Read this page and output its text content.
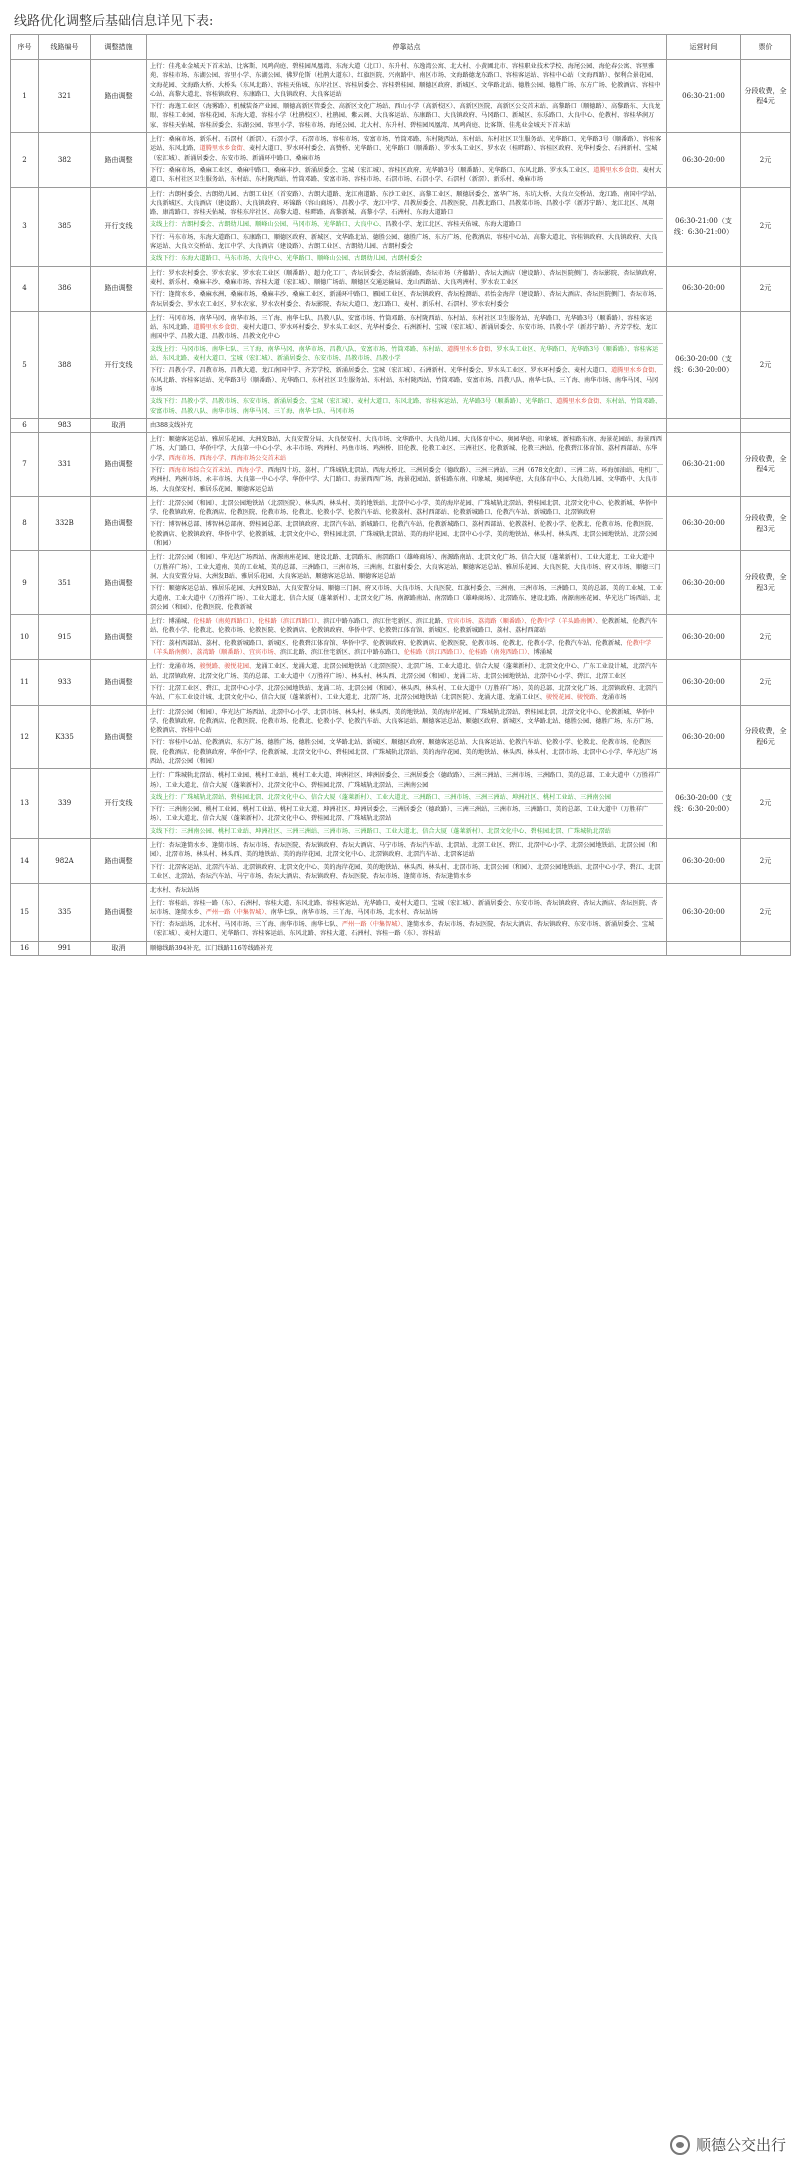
线路优化调整后基础信息详见下表:
序号	线路编号	调整措施	停靠站点	运营时间	票价
1	321	路由调整	上行：佳兆业金城天下首末站、比客斯、凤鸣尚庭、碧桂园凤凰湾、东海大道（北口）、东升村、东逸湾公寓、北大村、小黄圃北市、容桂职业技术学校、海尾公园、海伦春公寓、容里雅苑、容桂市场、东湖公园、容里小学、东湖公园、佛罗伦斯（杜鹃大道东）、红旗医院、兴南路中、南区市场、文海路德龙东路口、容桂客运站、容桂中心站（文海西路）、保利合景花园、文海花园、文海路大桥、大桥头（东风北路）、容桂天佑城、东岸社区、容桂居委会、容桂碧桂园、顺德区政府、新城区、文华路北站、德胜公园、德胜广场、东方广场、伦教酒店、容桂中心站、高黎大道北、容桂镇政府、东康路口、大良镇政府、大良客运站
下行：海逸工业区（海雾路）、机械装备产业园、顺德高新区管委会、高新区文化广场站、西山小学（高新校区）、高新区医院、高新区公交首末站、高黎路口（顺德路）、高黎路东、大良龙眼、容桂工业园、容桂花园、东海大道、容桂小学（杜鹃校区）、杜鹃园、紫云阁、大良客运站、东康路口、大良镇政府、马冈路口、新城区、东乐路口、大良中心、伦教村、容桂华润万家、容桂天佑城、容桂居委会、东湖公园、容里小学、容桂市场、海尾公园、北大村、东升村、碧桂园凤凰湾、凤鸣尚庭、比客斯、佳兆业金城天下首末站	06:30-21:00	分段收费，全程4元
2	382	路由调整	上行：桑麻市场、新乐村、石滘村（新滘）、石滘小学、石滘市场、容桂市场、安富市场、竹筒邓路、东村陇西站、东村站、东村社区卫生服务站、光华路口、光华路3号（顺番路）、容桂客运站、东风北路、道腾里水乡食街、麦村大道口、罗水环村委会、高赞桥、光华路口、光华路口（顺番路）、罗水头工业区、罗水农（桂畔路）、容桂区政府、光华村委会、石洲新村、宝城（宏汇城）、新涌居委会、东安市场、新涌环中路口、桑麻市场
下行：桑麻市场、桑麻工业区、桑麻中路口、桑麻丰沙、新涌居委会、宝城（宏汇城）、容桂区政府、光华路3号（顺番路）、光华路口、东风北路、罗水头工业区、道腾里水乡食街、麦村大道口、东村社区卫生服务站、东村站、东村陇西站、竹筒邓路、安富市场、容桂市场、石滘市场、石滘小学、石滘村（新滘）、新乐村、桑麻市场	06:30-20:00	2元
3	385	开行支线	上行：古朗村委会、古朗幼儿园、古朗工业区（首安路）、古朗大道路、龙江南道路、东沙工业区、高黎工业区、顺德居委会、富华广场、东坑大桥、大良立交桥站、龙江路、南国中学站、大良新城区、大良酒店（建设路）、大良镇政府、环锦路（容山商场）、昌教小学、龙江中学、昌教居委会、昌教医院、昌教北路口、昌教菜市场、昌教小学（新苏宁路）、龙江北区、凤翔路、康湾路口、容桂天佑城、容桂东岸社区、高黎大道、桂畔路、高黎新城、高黎小学、石洲村、东海大道路口
支线上行：古朗村委会、古朗幼儿园、顺峰山公园、马冈市场、光华路口、大良中心、昌教小学、龙江北区、容桂天佑城、东海大道路口
下行：马东市场、东海大道路口、东康路口、顺德区政府、新城区、文华路北站、德胜公园、德胜广场、东方广场、伦教酒店、容桂中心站、高黎大道北、容桂镇政府、大良镇政府、大良客运站、大良立交桥站、龙江中学、大良酒店（建设路）、古朗工业区、古朗幼儿园、古朗村委会
支线下行：东海大道路口、马东市场、大良中心、光华路口、顺峰山公园、古朗幼儿园、古朗村委会	06:30-21:00（支线：6:30-21:00）	2元
4	386	路由调整	上行：罗水农村委会、罗水农家、罗水农工业区（顺番路）、超力化工厂、杏坛居委会、杏坛新涌路、杏坛市场（齐藤路）、杏坛大酒店（建设路）、杏坛医院侧门、杏坛影院、杏坛镇政府、麦村、新乐村、桑麻丰沙、桑麻市场、容桂大道（宏汇城）、顺德广场站、顺德区交通运输局、龙山西路站、大良鸡洲村、罗水农工业区
下行：逢简水乡、桑麻水洲、桑麻市场、桑麻丰沙、桑麻工业区、新涌环中路口、雁园工业区、杏坛镇政府、杏坛检测站、君怡金海岸（建设路）、杏坛大酒店、杏坛医院侧门、杏坛市场、杏坛居委会、罗水农工业区、罗水农家、罗水农村委会、杏坛影院、杏坛大道口、龙江路口、麦村、新乐村、石滘村、罗水农村委会	06:30-20:00	2元
5	388	开行支线	上行：马冈市场、南华马冈、南华市场、三丫海、南华七队、昌教八队、安富市场、竹筒邓路、东村陇西站、东村站、东村社区卫生服务站、光华路口、光华路3号（顺番路）、容桂客运站、东风北路、道腾里水乡食街、麦村大道口、罗水环村委会、罗水头工业区、光华村委会、石洲新村、宝城（宏汇城）、新涌居委会、东安市场、昌教小学（新苏宁路）、齐芳学校、龙江南国中学、昌教大道、昌教市场、昌教文化中心
支线上行：马冈市场、南华七队、三丫海、南华马冈、南华市场、昌教八队、安富市场、竹筒邓路、东村站、道腾里水乡食街、罗水头工业区、光华路口、光华路3号（顺番路）、容桂客运站、东风北路、麦村大道口、宝城（宏汇城）、新涌居委会、东安市场、昌教市场、昌教小学
下行：昌教小学、昌教市场、昌教大道、龙江南国中学、齐芳学校、新涌居委会、宝城（宏汇城）、石洲新村、光华村委会、罗水头工业区、罗水环村委会、麦村大道口、道腾里水乡食街、东风北路、容桂客运站、光华路3号（顺番路）、光华路口、东村社区卫生服务站、东村站、东村陇西站、竹筒邓路、安富市场、昌教八队、南华七队、三丫海、南华市场、南华马冈、马冈市场
支线下行：昌教小学、昌教市场、东安市场、新涌居委会、宝城（宏汇城）、麦村大道口、东风北路、容桂客运站、光华路3号（顺番路）、光华路口、道腾里水乡食街、东村站、竹筒邓路、安富市场、昌教八队、南华市场、南华马冈、三丫海、南华七队、马冈市场	06:30-20:00（支线：6:30-20:00）	2元
6	983	取消	由388支线补充		

7	331	路由调整	上行：顺德客运总站、雅居乐花园、大洲发B站、大良安置分局、大良保安村、大良市场、文华路中、大良幼儿园、大良体育中心、奥园华庭、印象城、新桂路东南、海景花园站、海景西西广场、大门路口、华侨中学、大良第一中心小学、永丰市场、鸡洲村、玛鱼市场、鸡洲桥、旧伦教、伦教工业区、三洲社区、伦教新城、伦教三洲站、伦教碧江体育馆、荔村西部站、东华小学、西海市场、西海小学、西海市场公交首末站
下行：西海市场综合交首末站、西海小学、西海四十坊、荔村、广珠城轨北滘站、西海大桥北、三洲居委会（德政路）、三洲三洲站、三洲（678文化街）、三洲二坊、环海加油站、电机厂、鸡洲村、鸡洲市场、永丰市场、大良第一中心小学、华侨中学、大门路口、海景西西广场、海景花园站、新桂路东南、印象城、奥园华庭、大良体育中心、大良幼儿园、文华路中、大良市场、大良保安村、雅居乐花园、顺德客运总站	06:30-21:00	分段收费，全程4元
8	332B	路由调整	上行：北滘公园（和园）、北滘公园地铁站（北滘医院）、林头西、林头村、美的地铁站、北滘中心小学、美的海岸花园、广珠城轨北滘站、碧桂园北滘、北滘文化中心、伦教新城、华侨中学、伦教镇政府、伦教酒店、伦教医院、伦教市场、伦教北、伦教小学、伦教汽车站、伦教荔村、荔村西部站、伦教新城路口、伦教汽车站、新城路口、北滘镇政府
下行：博智林总部、博智林总部南、碧桂园总部、北滘镇政府、北滘汽车站、新城路口、伦教汽车站、伦教新城路口、荔村西部站、伦教荔村、伦教小学、伦教北、伦教市场、伦教医院、伦教酒店、伦教镇政府、华侨中学、伦教新城、北滘文化中心、碧桂园北滘、广珠城轨北滘站、美的海岸花园、北滘中心小学、美的地铁站、林头村、林头西、北滘公园地铁站、北滘公园（和园）	06:30-20:00	分段收费，全程3元
9	351	路由调整	上行：北滘公园（和园）、华光达广场西站、南源南座花园、建设北路、北滘路东、南滘路口（雄峰商场）、南源路南站、北滘文化广场、信合大厦（蓬莱新村）、工业大道北、工业大道中（万胜祥广场）、工业大道南、美的工业城、美的总部、三洲路口、三洲市场、三洲南、红旗村委会、大良客运站、顺德客运总站、雅居乐花园、大良医院、大良市场、府又市场、顺德三门洞、大良安置分局、大洲发B站、雅居乐花园、大良客运站、顺德客运总站、顺德客运总站
下行：顺德客运总站、雅居乐花园、大洲发B站、大良安置分局、顺德三门洞、府又市场、大良市场、大良医院、红旗村委会、三洲南、三洲市场、三洲路口、美的总部、美的工业城、工业大道南、工业大道中（万胜祥广场）、工业大道北、信合大厦（蓬莱新村）、北滘文化广场、南源路南站、南滘路口（雄峰商场）、北滘路东、建设北路、南源南座花园、华光达广场西站、北滘公园（和园）、伦教医院、伦教新城	06:30-20:00	分段收费，全程3元
10	915	路由调整	上行：博涌城、伦桂路（南苑西路口）、伦桂路（滨江西路口）、滨江中路东路口、滨江住宅新区、滨江北路、宜宾市场、荔湾路（顺番路）、伦教中学（羊头路南侧）、伦教新城、伦教汽车站、伦教小学、伦教北、伦教市场、伦教医院、伦教酒店、伦教镇政府、华侨中学、伦教碧江体育馆、新城区、伦教新城路口、荔村、荔村西部站
下行：荔村西部站、荔村、伦教新城路口、新城区、伦教碧江体育馆、华侨中学、伦教镇政府、伦教酒店、伦教医院、伦教市场、伦教北、伦教小学、伦教汽车站、伦教新城、伦教中学（羊头路南侧）、荔湾路（顺番路）、宜宾市场、滨江北路、滨江住宅新区、滨江中路东路口、伦桂路（滨江西路口）、伦桂路（南苑西路口）、博涌城	06:30-20:00	2元
11	933	路由调整	上行：龙涌市场、骏悦路、骏悦花园、龙涌工业区、龙涌大道、北滘公园地铁站（北滘医院）、北滘广场、工业大道北、信合大厦（蓬莱新村）、北滘文化中心、广东工业设计城、北滘汽车站、北滘镇政府、北滘文化广场、美的总部、工业大道中（万胜祥广场）、林头村、林头西、北滘公园（和园）、龙涌二坊、北滘公园地铁站、北滘中心小学、碧江、北滘工业区
下行：北滘工业区、碧江、北滘中心小学、北滘公园地铁站、龙涌二坊、北滘公园（和园）、林头西、林头村、工业大道中（万胜祥广场）、美的总部、北滘文化广场、北滘镇政府、北滘汽车站、广东工业设计城、北滘文化中心、信合大厦（蓬莱新村）、工业大道北、北滘广场、北滘公园地铁站（北滘医院）、龙涌大道、龙涌工业区、骏悦花园、骏悦路、龙涌市场	06:30-20:00	2元
12	K335	路由调整	上行：北滘公园（和园）、华光达广场西站、北滘中心小学、北滘市场、林头村、林头西、美的地铁站、美的海岸花园、广珠城轨北滘站、碧桂园北滘、北滘文化中心、伦教新城、华侨中学、伦教镇政府、伦教酒店、伦教医院、伦教市场、伦教北、伦教小学、伦教汽车站、大良客运站、顺德客运总站、顺德区政府、新城区、文华路北站、德胜公园、德胜广场、东方广场、伦教酒店、容桂中心站
下行：容桂中心站、伦教酒店、东方广场、德胜广场、德胜公园、文华路北站、新城区、顺德区政府、顺德客运总站、大良客运站、伦教汽车站、伦教小学、伦教北、伦教市场、伦教医院、伦教酒店、伦教镇政府、华侨中学、伦教新城、北滘文化中心、碧桂园北滘、广珠城轨北滘站、美的海岸花园、美的地铁站、林头西、林头村、北滘市场、北滘中心小学、华光达广场西站、北滘公园（和园）	06:30-20:00	分段收费，全程6元
13	339	开行支线	上行：广珠城轨北滘站、桃村工业园、桃村工业站、桃村工业大道、坤洲社区、坤洲居委会、三洲居委会（德政路）、三洲三洲站、三洲市场、三洲路口、美的总部、工业大道中（万胜祥广场）、工业大道北、信合大厦（蓬莱新村）、北滘文化中心、碧桂园北滘、广珠城轨北滘站、三洲南公园
支线上行：广珠城轨北滘站、碧桂园北滘、北滘文化中心、信合大厦（蓬莱新村）、工业大道北、三洲路口、三洲市场、三洲三洲站、坤洲社区、桃村工业站、三洲南公园
下行：三洲南公园、桃村工业园、桃村工业站、桃村工业大道、坤洲社区、坤洲居委会、三洲居委会（德政路）、三洲三洲站、三洲市场、三洲路口、美的总部、工业大道中（万胜祥广场）、工业大道北、信合大厦（蓬莱新村）、北滘文化中心、碧桂园北滘、广珠城轨北滘站
支线下行：三洲南公园、桃村工业站、坤洲社区、三洲三洲站、三洲市场、三洲路口、工业大道北、信合大厦（蓬莱新村）、北滘文化中心、碧桂园北滘、广珠城轨北滘站	06:30-20:00（支线：6:30-20:00）	2元
14	982A	路由调整	上行：杏坛逢简水乡、逢简市场、杏坛市场、杏坛医院、杏坛镇政府、杏坛大酒店、马宁市场、杏坛汽车站、北滘站、北滘工业区、碧江、北滘中心小学、北滘公园地铁站、北滘公园（和园）、北滘市场、林头村、林头西、美的地铁站、美的海岸花园、北滘文化中心、北滘镇政府、北滘汽车站、北滘客运站
下行：北滘客运站、北滘汽车站、北滘镇政府、北滘文化中心、美的海岸花园、美的地铁站、林头西、林头村、北滘市场、北滘公园（和园）、北滘公园地铁站、北滘中心小学、碧江、北滘工业区、北滘站、杏坛汽车站、马宁市场、杏坛大酒店、杏坛镇政府、杏坛医院、杏坛市场、逢简市场、杏坛逢简水乡	06:30-20:00	2元
15	335	路由调整	北水村、杏坛站场
上行：容桂站、容桂一路（东）、石洲村、容桂大道、东风北路、容桂客运站、光华路口、麦村大道口、宝城（宏汇城）、新涌居委会、东安市场、杏坛镇政府、杏坛大酒店、杏坛医院、杏坛市场、逢简水乡、严州一路（中集智城）、南华七队、南华市场、三丫海、马冈市场、北水村、杏坛站场
下行：杏坛站场、北水村、马冈市场、三丫海、南华市场、南华七队、严州一路（中集智城）、逢简水乡、杏坛市场、杏坛医院、杏坛大酒店、杏坛镇政府、东安市场、新涌居委会、宝城（宏汇城）、麦村大道口、光华路口、容桂客运站、东风北路、容桂大道、石洲村、容桂一路（东）、容桂站	06:30-20:00	2元
16	991	取消	顺德线路394补充，江门线路116等线路补充		

顺德公交出行
